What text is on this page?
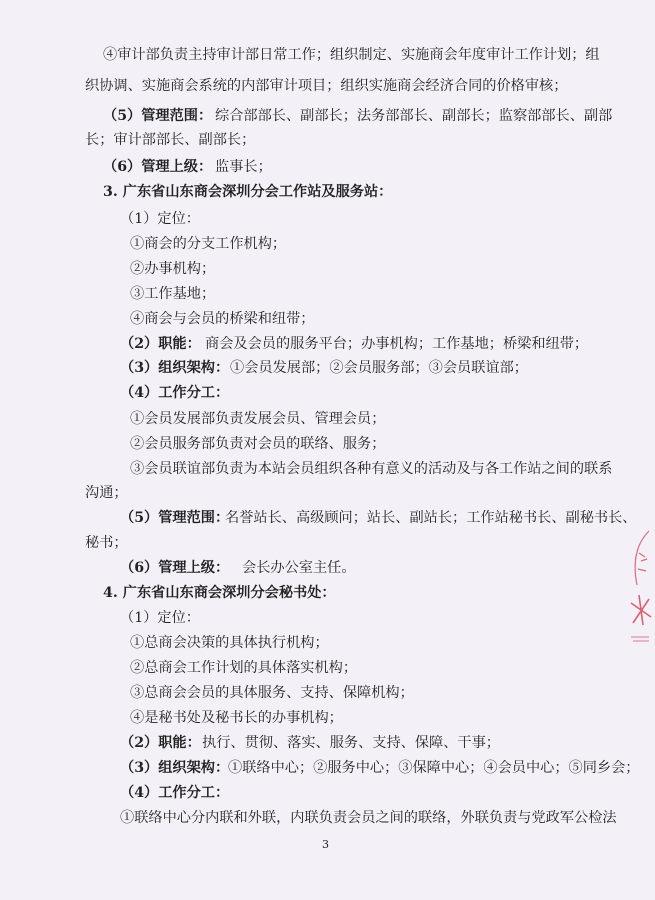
④审计部负责主持审计部日常工作；组织制定、实施商会年度审计工作计划；组
织协调、实施商会系统的内部审计项目；组织实施商会经济合同的价格审核；
（5）管理范围： 综合部部长、副部长；法务部部长、副部长；监察部部长、副部
长；审计部部长、副部长；
（6）管理上级： 监事长；
3. 广东省山东商会深圳分会工作站及服务站：
（1）定位：
①商会的分支工作机构；
②办事机构；
③工作基地；
④商会与会员的桥梁和纽带；
（2）职能： 商会及会员的服务平台；办事机构；工作基地；桥梁和纽带；
（3）组织架构： ①会员发展部；②会员服务部；③会员联谊部；
（4）工作分工：
①会员发展部负责发展会员、管理会员；
②会员服务部负责对会员的联络、服务；
③会员联谊部负责为本站会员组织各种有意义的活动及与各工作站之间的联系
沟通；
（5）管理范围：
名誉站长、高级顾问；站长、副站长；工作站秘书长、副秘书长、
秘书；
（6）管理上级： 会长办公室主任。
4. 广东省山东商会深圳分会秘书处：
（1）定位：
①总商会决策的具体执行机构；
②总商会工作计划的具体落实机构；
③总商会会员的具体服务、支持、保障机构；
④是秘书处及秘书长的办事机构；
（2）职能： 执行、贯彻、落实、服务、支持、保障、干事；
（3）组织架构：
①联络中心；②服务中心；③保障中心；④会员中心；⑤同乡会；
（4）工作分工：
①联络中心分内联和外联，内联负责会员之间的联络，外联负责与党政军公检法
3
